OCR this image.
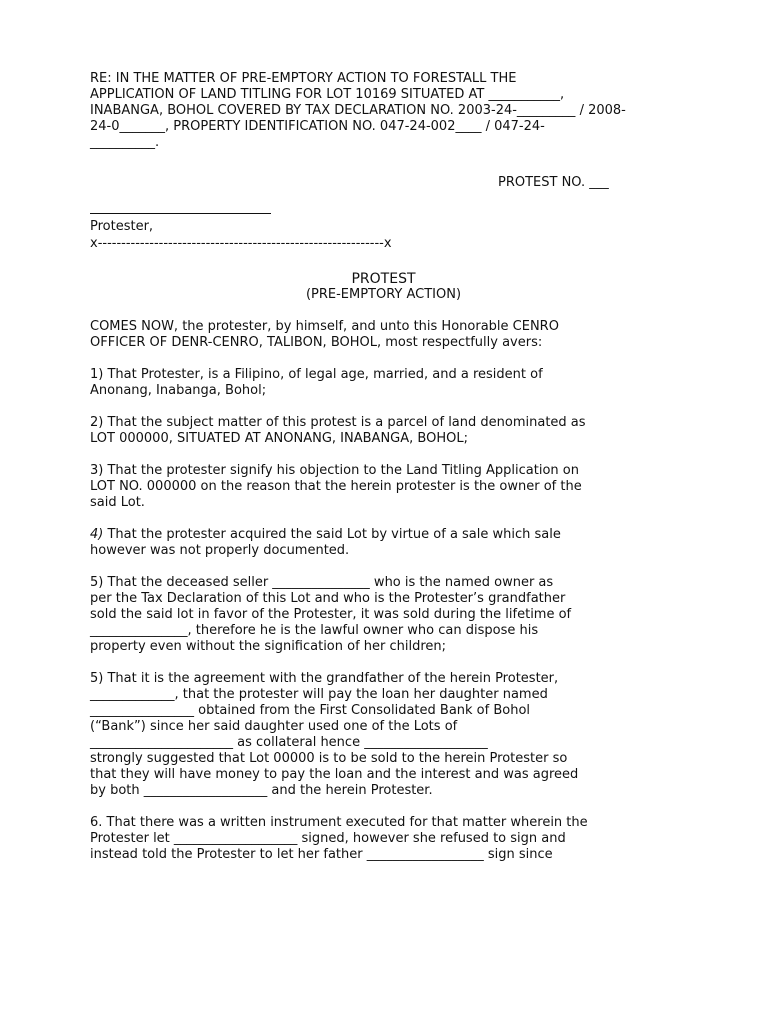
RE: IN THE MATTER OF PRE-EMPTORY ACTION TO FORESTALL THE
APPLICATION OF LAND TITLING FOR LOT 10169 SITUATED AT ___________,
INABANGA, BOHOL COVERED BY TAX DECLARATION NO. 2003-24-_________ / 2008-
24-0_______, PROPERTY IDENTIFICATION NO. 047-24-002____ / 047-24-
__________.
PROTEST NO. ___
Protester,
x-------------------------------------------------------------x
PROTEST
(PRE-EMPTORY ACTION)
COMES NOW, the protester, by himself, and unto this Honorable CENRO
OFFICER OF DENR-CENRO, TALIBON, BOHOL, most respectfully avers:
1) That Protester, is a Filipino, of legal age, married, and a resident of
Anonang, Inabanga, Bohol;
2) That the subject matter of this protest is a parcel of land denominated as
LOT 000000, SITUATED AT ANONANG, INABANGA, BOHOL;
3) That the protester signify his objection to the Land Titling Application on
LOT NO. 000000 on the reason that the herein protester is the owner of the
said Lot.
4) That the protester acquired the said Lot by virtue of a sale which sale
however was not properly documented.
5) That the deceased seller _______________ who is the named owner as
per the Tax Declaration of this Lot and who is the Protester’s grandfather
sold the said lot in favor of the Protester, it was sold during the lifetime of
_______________, therefore he is the lawful owner who can dispose his
property even without the signification of her children;
5) That it is the agreement with the grandfather of the herein Protester,
_____________, that the protester will pay the loan her daughter named
________________ obtained from the First Consolidated Bank of Bohol
(“Bank”) since her said daughter used one of the Lots of
______________________ as collateral hence ___________________
strongly suggested that Lot 00000 is to be sold to the herein Protester so
that they will have money to pay the loan and the interest and was agreed
by both ___________________ and the herein Protester.
6. That there was a written instrument executed for that matter wherein the
Protester let ___________________ signed, however she refused to sign and
instead told the Protester to let her father __________________ sign since
